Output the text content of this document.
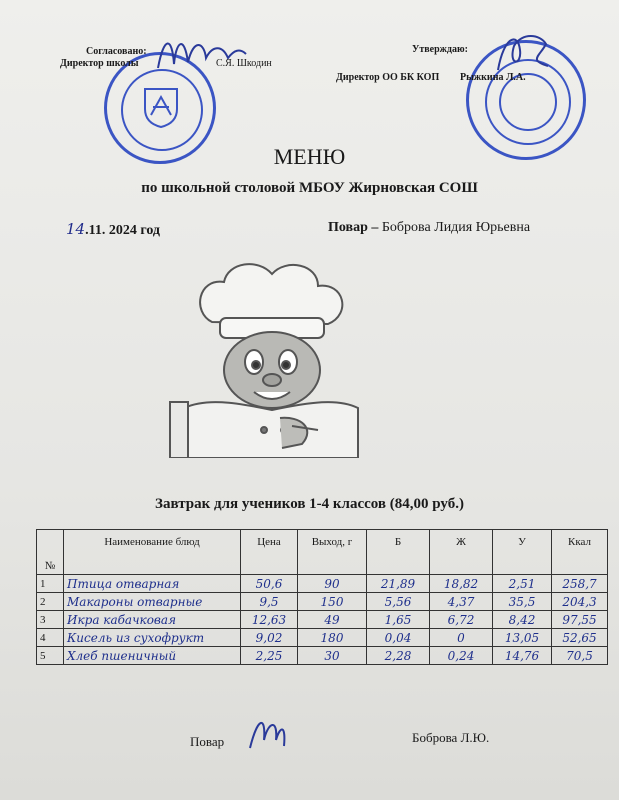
Согласовано:
Директор школы	С.Я. Шкодин
Утверждаю:
Директор ОО БК КОП Рыжкина Л.А.
МЕНЮ
по школьной столовой МБОУ Жирновская СОШ
14.11. 2024 год	Повар – Боброва Лидия Юрьевна
Завтрак для учеников 1-4 классов (84,00 руб.)
№	Наименование блюд	Цена	Выход, г	Б	Ж	У	Ккал
1	Птица отварная	50,6	90	21,89	18,82	2,51	258,7
2	Макароны отварные	9,5	150	5,56	4,37	35,5	204,3
3	Икра кабачковая	12,63	49	1,65	6,72	8,42	97,55
4	Кисель из сухофрукт	9,02	180	0,04	0	13,05	52,65
5	Хлеб пшеничный	2,25	30	2,28	0,24	14,76	70,5
Повар	Боброва Л.Ю.
